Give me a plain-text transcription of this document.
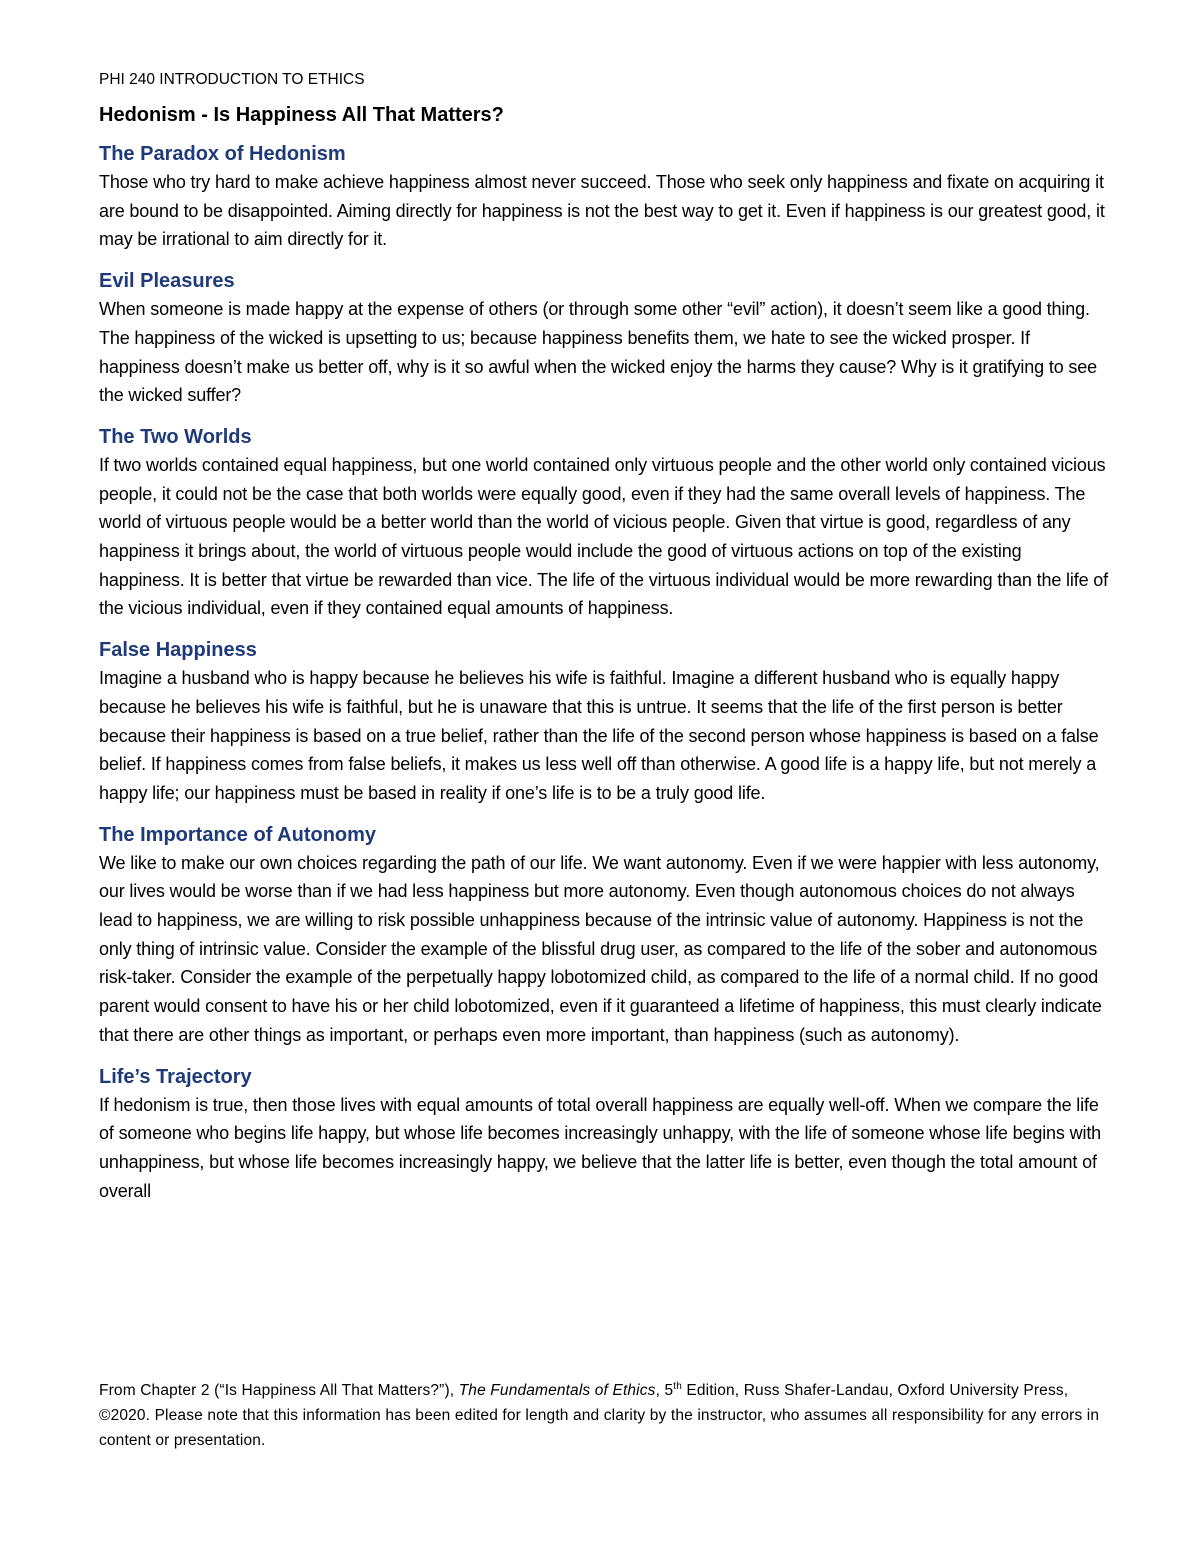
PHI 240 INTRODUCTION TO ETHICS
Hedonism - Is Happiness All That Matters?
The Paradox of Hedonism

Those who try hard to make achieve happiness almost never succeed. Those who seek only happiness and fixate on acquiring it are bound to be disappointed. Aiming directly for happiness is not the best way to get it. Even if happiness is our greatest good, it may be irrational to aim directly for it.

Evil Pleasures

When someone is made happy at the expense of others (or through some other “evil” action), it doesn’t seem like a good thing. The happiness of the wicked is upsetting to us; because happiness benefits them, we hate to see the wicked prosper. If happiness doesn’t make us better off, why is it so awful when the wicked enjoy the harms they cause? Why is it gratifying to see the wicked suffer?

The Two Worlds

If two worlds contained equal happiness, but one world contained only virtuous people and the other world only contained vicious people, it could not be the case that both worlds were equally good, even if they had the same overall levels of happiness. The world of virtuous people would be a better world than the world of vicious people. Given that virtue is good, regardless of any happiness it brings about, the world of virtuous people would include the good of virtuous actions on top of the existing happiness. It is better that virtue be rewarded than vice. The life of the virtuous individual would be more rewarding than the life of the vicious individual, even if they contained equal amounts of happiness.

False Happiness

Imagine a husband who is happy because he believes his wife is faithful. Imagine a different husband who is equally happy because he believes his wife is faithful, but he is unaware that this is untrue. It seems that the life of the first person is better because their happiness is based on a true belief, rather than the life of the second person whose happiness is based on a false belief. If happiness comes from false beliefs, it makes us less well off than otherwise. A good life is a happy life, but not merely a happy life; our happiness must be based in reality if one’s life is to be a truly good life.

The Importance of Autonomy

We like to make our own choices regarding the path of our life. We want autonomy. Even if we were happier with less autonomy, our lives would be worse than if we had less happiness but more autonomy. Even though autonomous choices do not always lead to happiness, we are willing to risk possible unhappiness because of the intrinsic value of autonomy. Happiness is not the only thing of intrinsic value. Consider the example of the blissful drug user, as compared to the life of the sober and autonomous risk-taker. Consider the example of the perpetually happy lobotomized child, as compared to the life of a normal child. If no good parent would consent to have his or her child lobotomized, even if it guaranteed a lifetime of happiness, this must clearly indicate that there are other things as important, or perhaps even more important, than happiness (such as autonomy).

Life’s Trajectory

If hedonism is true, then those lives with equal amounts of total overall happiness are equally well-off. When we compare the life of someone who begins life happy, but whose life becomes increasingly unhappy, with the life of someone whose life begins with unhappiness, but whose life becomes increasingly happy, we believe that the latter life is better, even though the total amount of overall

From Chapter 2 (“Is Happiness All That Matters?”), The Fundamentals of Ethics, 5th Edition, Russ Shafer-Landau, Oxford University Press, ©2020. Please note that this information has been edited for length and clarity by the instructor, who assumes all responsibility for any errors in content or presentation.
